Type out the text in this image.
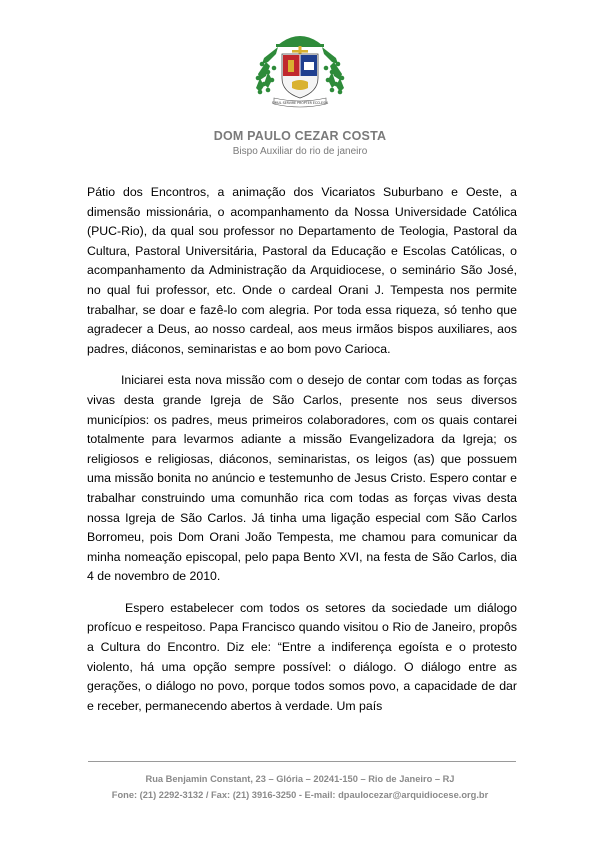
SIMUL SERVIRE PROPTER ECCLESIA
DOM PAULO CEZAR COSTA
Bispo Auxiliar do rio de janeiro

Pátio dos Encontros, a animação dos Vicariatos Suburbano e Oeste, a dimensão missionária, o acompanhamento da Nossa Universidade Católica (PUC-Rio), da qual sou professor no Departamento de Teologia, Pastoral da Cultura, Pastoral Universitária, Pastoral da Educação e Escolas Católicas, o acompanhamento da Administração da Arquidiocese, o seminário São José, no qual fui professor, etc. Onde o cardeal Orani J. Tempesta nos permite trabalhar, se doar e fazê-lo com alegria. Por toda essa riqueza, só tenho que agradecer a Deus, ao nosso cardeal, aos meus irmãos bispos auxiliares, aos padres, diáconos, seminaristas e ao bom povo Carioca.

Iniciarei esta nova missão com o desejo de contar com todas as forças vivas desta grande Igreja de São Carlos, presente nos seus diversos municípios: os padres, meus primeiros colaboradores, com os quais contarei totalmente para levarmos adiante a missão Evangelizadora da Igreja; os religiosos e religiosas, diáconos, seminaristas, os leigos (as) que possuem uma missão bonita no anúncio e testemunho de Jesus Cristo. Espero contar e trabalhar construindo uma comunhão rica com todas as forças vivas desta nossa Igreja de São Carlos. Já tinha uma ligação especial com São Carlos Borromeu, pois Dom Orani João Tempesta, me chamou para comunicar da minha nomeação episcopal, pelo papa Bento XVI, na festa de São Carlos, dia 4 de novembro de 2010.

Espero estabelecer com todos os setores da sociedade um diálogo profícuo e respeitoso. Papa Francisco quando visitou o Rio de Janeiro, propôs a Cultura do Encontro. Diz ele: “Entre a indiferença egoísta e o protesto violento, há uma opção sempre possível: o diálogo. O diálogo entre as gerações, o diálogo no povo, porque todos somos povo, a capacidade de dar e receber, permanecendo abertos à verdade. Um país

Rua Benjamin Constant, 23 – Glória – 20241-150 – Rio de Janeiro – RJ
Fone: (21) 2292-3132 / Fax: (21) 3916-3250 - E-mail: dpaulocezar@arquidiocese.org.br
